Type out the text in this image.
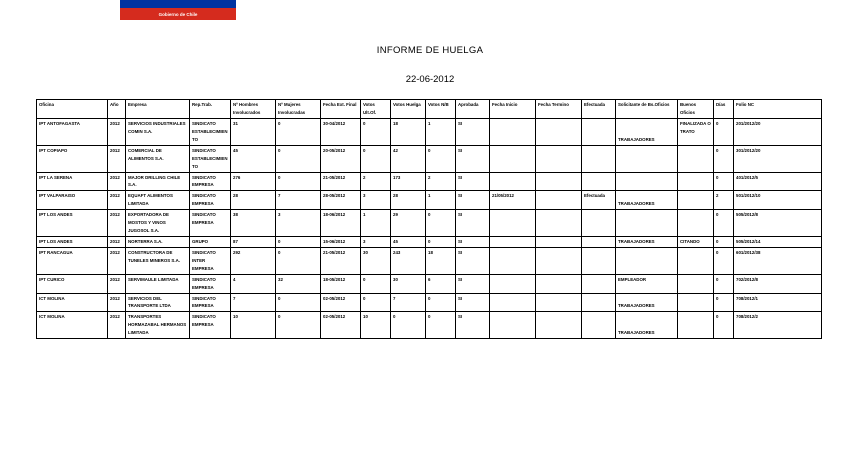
Gobierno de Chile
INFORME DE HUELGA
22-06-2012
Oficina	Año	Empresa	Rep.Trab.	Nº Hombres Involucrados	Nº Mujeres Involucradas	Fecha Ext. Final	Votos Ult.Of.	Votos Huelga	Votos N/B	Aprobada	Fecha Inicio	Fecha Termino	Efectuada	Solicitante de Bs.Oficios	Buenos Oficios	Días	Folio NC
IPT ANTOFAGASTA	2012	SERVICIOS INDUSTRIALES COMIN S.A.	SINDICATO ESTABLECIMIENTO	31	0	30-04/2012	0	18	1	SI				TRABAJADORES	FINALIZADA O TRATO	0	201/2012/20
IPT COPIAPO	2012	COMERCIAL DE ALIMENTOS S.A.	SINDICATO ESTABLECIMIENTO	45	0	20-05/2012	0	42	0	SI						0	301/2012/20
IPT LA SERENA	2012	MAJOR DRILLING CHILE S.A.	SINDICATO EMPRESA	276	0	21-05/2012	2	173	2	SI						0	401/2012/5
IPT VALPARAISO	2012	EQUAFT ALIMENTOS LIMITADA	SINDICATO EMPRESA	28	7	28-05/2012	3	28	1	SI	21/05/2012		Efectuada	TRABAJADORES		2	501/2012/10
IPT LOS ANDES	2012	EXPORTADORA DE MOSTOS Y VINOS JUGOSOL S.A.	SINDICATO EMPRESA	38	3	18-06/2012	1	29	0	SI						0	505/2012/8
IPT LOS ANDES	2012	NORTERRA S.A.	GRUPO	87	0	15-06/2012	3	45	0	SI				TRABAJADORES	CITANDO	0	505/2012/14
IPT RANCAGUA	2012	CONSTRUCTORA DE TUNELES MINEROS S.A.	SINDICATO INTER EMPRESA	292	0	21-05/2012	30	243	18	SI						0	601/2012/38
IPT CURICO	2012	SERVIMAULE LIMITADA	SINDICATO EMPRESA	4	32	18-05/2012	0	30	6	SI				EMPLEADOR		0	702/2012/8
ICT MOLINA	2012	SERVICIOS DEL TRANSPORTE LTDA	SINDICATO EMPRESA	7	0	02-05/2012	0	7	0	SI				TRABAJADORES		0	708/2012/1
ICT MOLINA	2012	TRANSPORTES HORMAZABAL HERMANOS LIMITADA	SINDICATO EMPRESA	10	0	02-05/2012	10	0	0	SI				TRABAJADORES		0	708/2012/2
